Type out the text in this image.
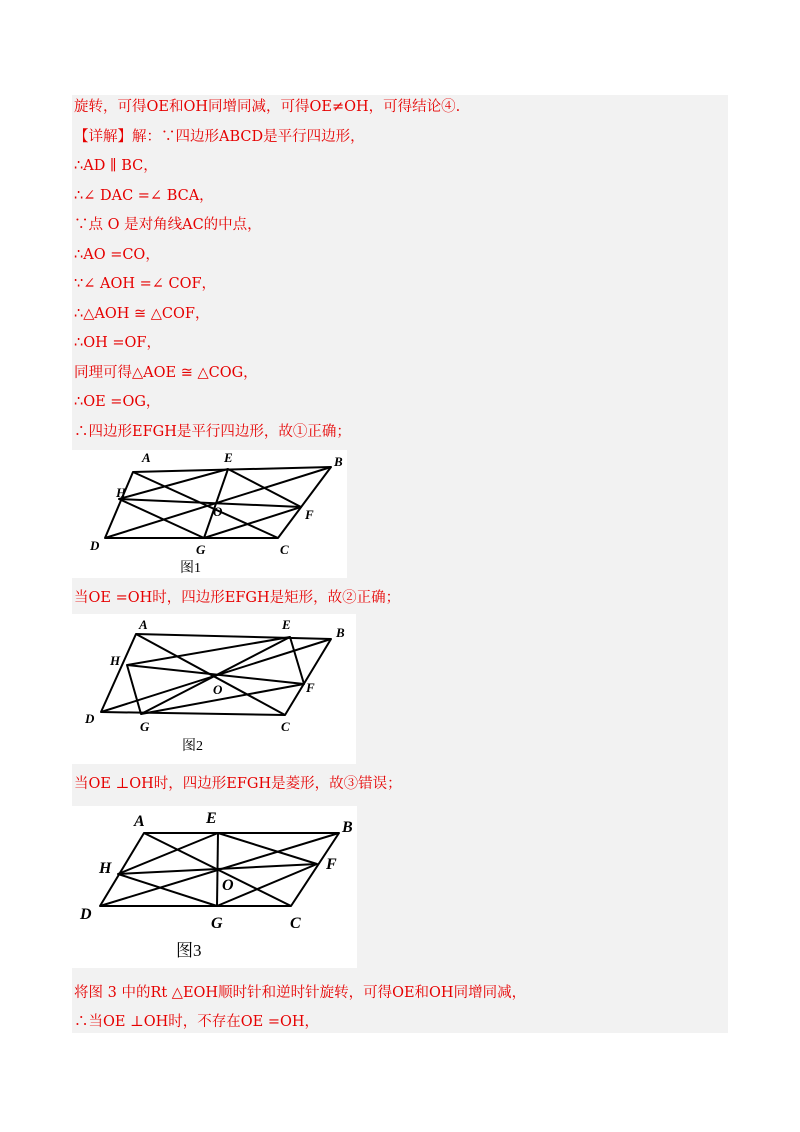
旋转，可得OE和OH同增同减，可得OE≠OH，可得结论④.
【详解】解：∵四边形ABCD是平行四边形，
∴AD ∥ BC，
∴∠ DAC =∠ BCA，
∵点 O 是对角线AC的中点，
∴AO =CO，
∵∠ AOH =∠ COF，
∴△AOH ≅ △COF，
∴OH =OF，
同理可得△AOE ≅ △COG，
∴OE =OG，
∴四边形EFGH是平行四边形，故①正确；
A	B
C
D
E
F
G
H
O
图1
当OE =OH时，四边形EFGH是矩形，故②正确；
A
B
C
D
E
F
G
H
O
图2
当OE ⊥OH时，四边形EFGH是菱形，故③错误；
A	B
C
D
E
F
G
H
O
图3
将图 3 中的Rt △EOH顺时针和逆时针旋转，可得OE和OH同增同减，
∴当OE ⊥OH时，不存在OE =OH，
